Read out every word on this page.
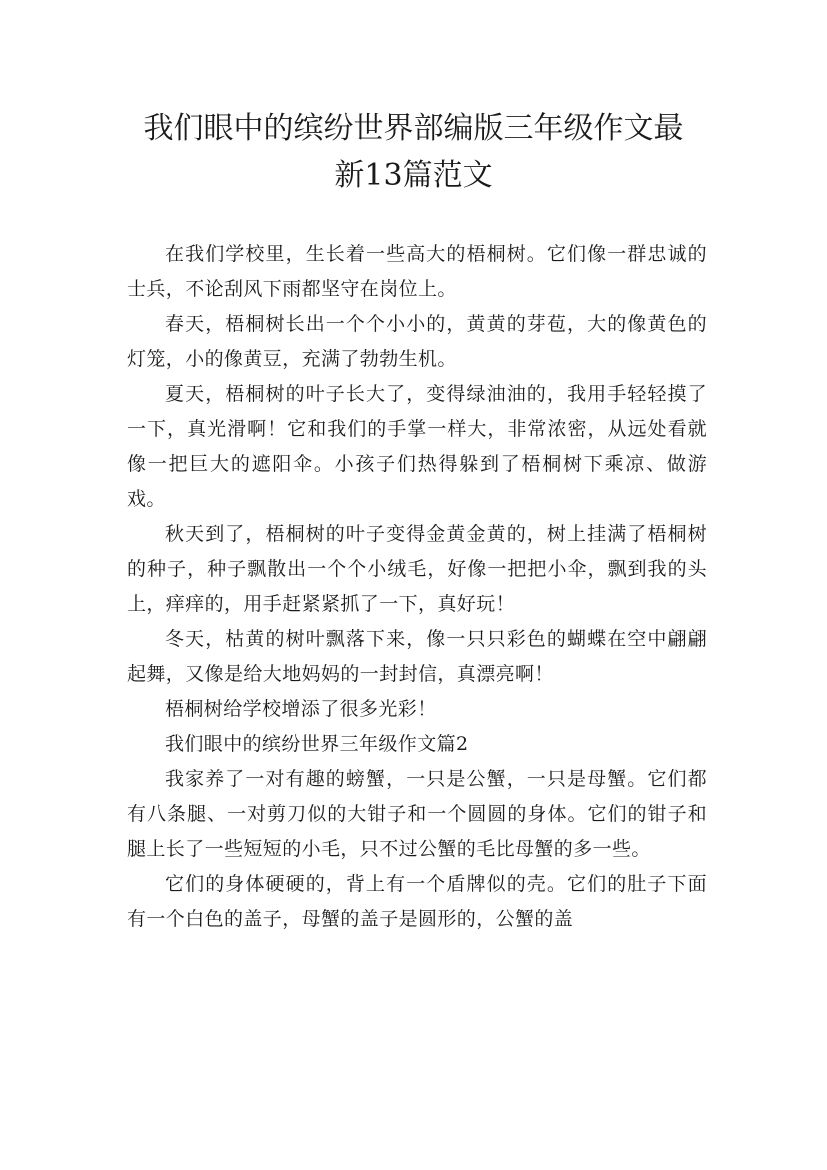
我们眼中的缤纷世界部编版三年级作文最
新13篇范文

在我们学校里，生长着一些高大的梧桐树。它们像一群忠诚的士兵，不论刮风下雨都坚守在岗位上。

春天，梧桐树长出一个个小小的，黄黄的芽苞，大的像黄色的灯笼，小的像黄豆，充满了勃勃生机。

夏天，梧桐树的叶子长大了，变得绿油油的，我用手轻轻摸了一下，真光滑啊！它和我们的手掌一样大，非常浓密，从远处看就像一把巨大的遮阳伞。小孩子们热得躲到了梧桐树下乘凉、做游戏。

秋天到了，梧桐树的叶子变得金黄金黄的，树上挂满了梧桐树的种子，种子飘散出一个个小绒毛，好像一把把小伞，飘到我的头上，痒痒的，用手赶紧紧抓了一下，真好玩！

冬天，枯黄的树叶飘落下来，像一只只彩色的蝴蝶在空中翩翩起舞，又像是给大地妈妈的一封封信，真漂亮啊！

梧桐树给学校增添了很多光彩！

我们眼中的缤纷世界三年级作文篇2

我家养了一对有趣的螃蟹，一只是公蟹，一只是母蟹。它们都有八条腿、一对剪刀似的大钳子和一个圆圆的身体。它们的钳子和腿上长了一些短短的小毛，只不过公蟹的毛比母蟹的多一些。

它们的身体硬硬的，背上有一个盾牌似的壳。它们的肚子下面有一个白色的盖子，母蟹的盖子是圆形的，公蟹的盖
